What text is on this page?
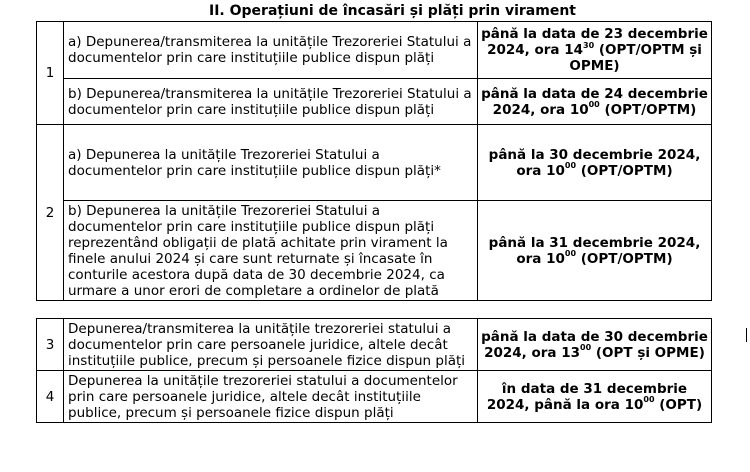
II. Operațiuni de încasări și plăți prin virament
1	a) Depunerea/transmiterea la unitățile Trezoreriei Statului a documentelor prin care instituțiile publice dispun plăți	până la data de 23 decembrie 2024, ora $14^{30}$ (OPT/OPTM și OPME)
	b) Depunerea/transmiterea la unitățile Trezoreriei Statului a documentelor prin care instituțiile publice dispun plăți	până la data de 24 decembrie 2024, ora $10^{00}$ (OPT/OPTM)
2	a) Depunerea la unitățile Trezoreriei Statului a documentelor prin care instituțiile publice dispun plăți*	până la 30 decembrie 2024, ora $10^{00}$ (OPT/OPTM)
	b) Depunerea la unitățile Trezoreriei Statului a documentelor prin care instituțiile publice dispun plăți reprezentând obligații de plată achitate prin virament la finele anului 2024 și care sunt returnate și încasate în conturile acestora după data de 30 decembrie 2024, ca urmare a unor erori de completare a ordinelor de plată	până la 31 decembrie 2024, ora $10^{00}$ (OPT/OPTM)
3	Depunerea/transmiterea la unitățile trezoreriei statului a documentelor prin care persoanele juridice, altele decât instituțiile publice, precum și persoanele fizice dispun plăți	până la data de 30 decembrie 2024, ora $13^{00}$ (OPT și OPME)
4	Depunerea la unitățile trezoreriei statului a documentelor prin care persoanele juridice, altele decât instituțiile publice, precum și persoanele fizice dispun plăți	în data de 31 decembrie 2024, până la ora $10^{00}$ (OPT)
